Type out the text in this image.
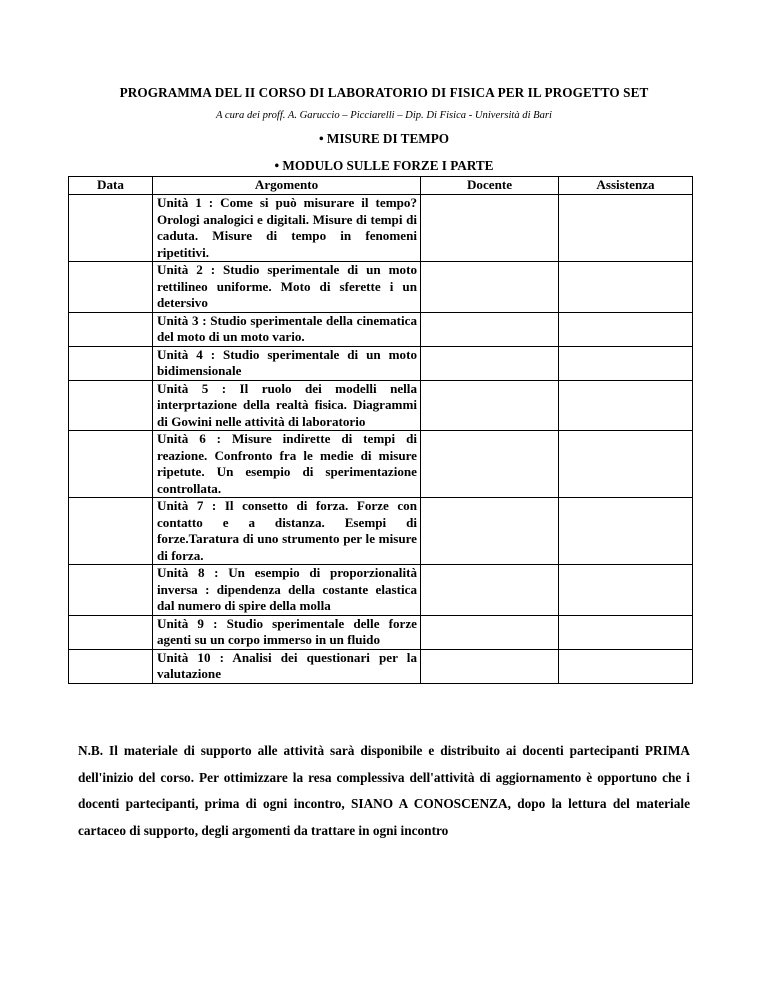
PROGRAMMA DEL II CORSO DI LABORATORIO DI FISICA PER IL PROGETTO SET
A cura dei proff. A. Garuccio – Picciarelli – Dip. Di Fisica - Università di Bari
• MISURE DI TEMPO
• MODULO SULLE FORZE I PARTE
Data	Argomento	Docente	Assistenza

	Unità 1 : Come si può misurare il tempo? Orologi analogici e digitali. Misure di tempi di caduta. Misure di tempo in fenomeni ripetitivi.		

	Unità 2 : Studio sperimentale di un moto rettilineo uniforme. Moto di sferette i un detersivo		

	Unità 3 : Studio sperimentale della cinematica del moto di un moto vario.		

	Unità 4 : Studio sperimentale di un moto bidimensionale		

	Unità 5 : Il ruolo dei modelli nella interprtazione della realtà fisica. Diagrammi di Gowini nelle attività di laboratorio		

	Unità 6 : Misure indirette di tempi di reazione. Confronto fra le medie di misure ripetute. Un esempio di sperimentazione controllata.		

	Unità 7 : Il consetto di forza. Forze con contatto e a distanza. Esempi di forze.Taratura di uno strumento per le misure di forza.		

	Unità 8 : Un esempio di proporzionalità inversa : dipendenza della costante elastica dal numero di spire della molla		

	Unità 9 : Studio sperimentale delle forze agenti su un corpo immerso in un fluido		

	Unità 10 : Analisi dei questionari per la valutazione		

N.B. Il materiale di supporto alle attività sarà disponibile e distribuito ai docenti partecipanti PRIMA dell'inizio del corso. Per ottimizzare la resa complessiva dell'attività di aggiornamento è opportuno che i docenti partecipanti, prima di ogni incontro, SIANO A CONOSCENZA, dopo la lettura del materiale cartaceo di supporto, degli argomenti da trattare in ogni incontro
